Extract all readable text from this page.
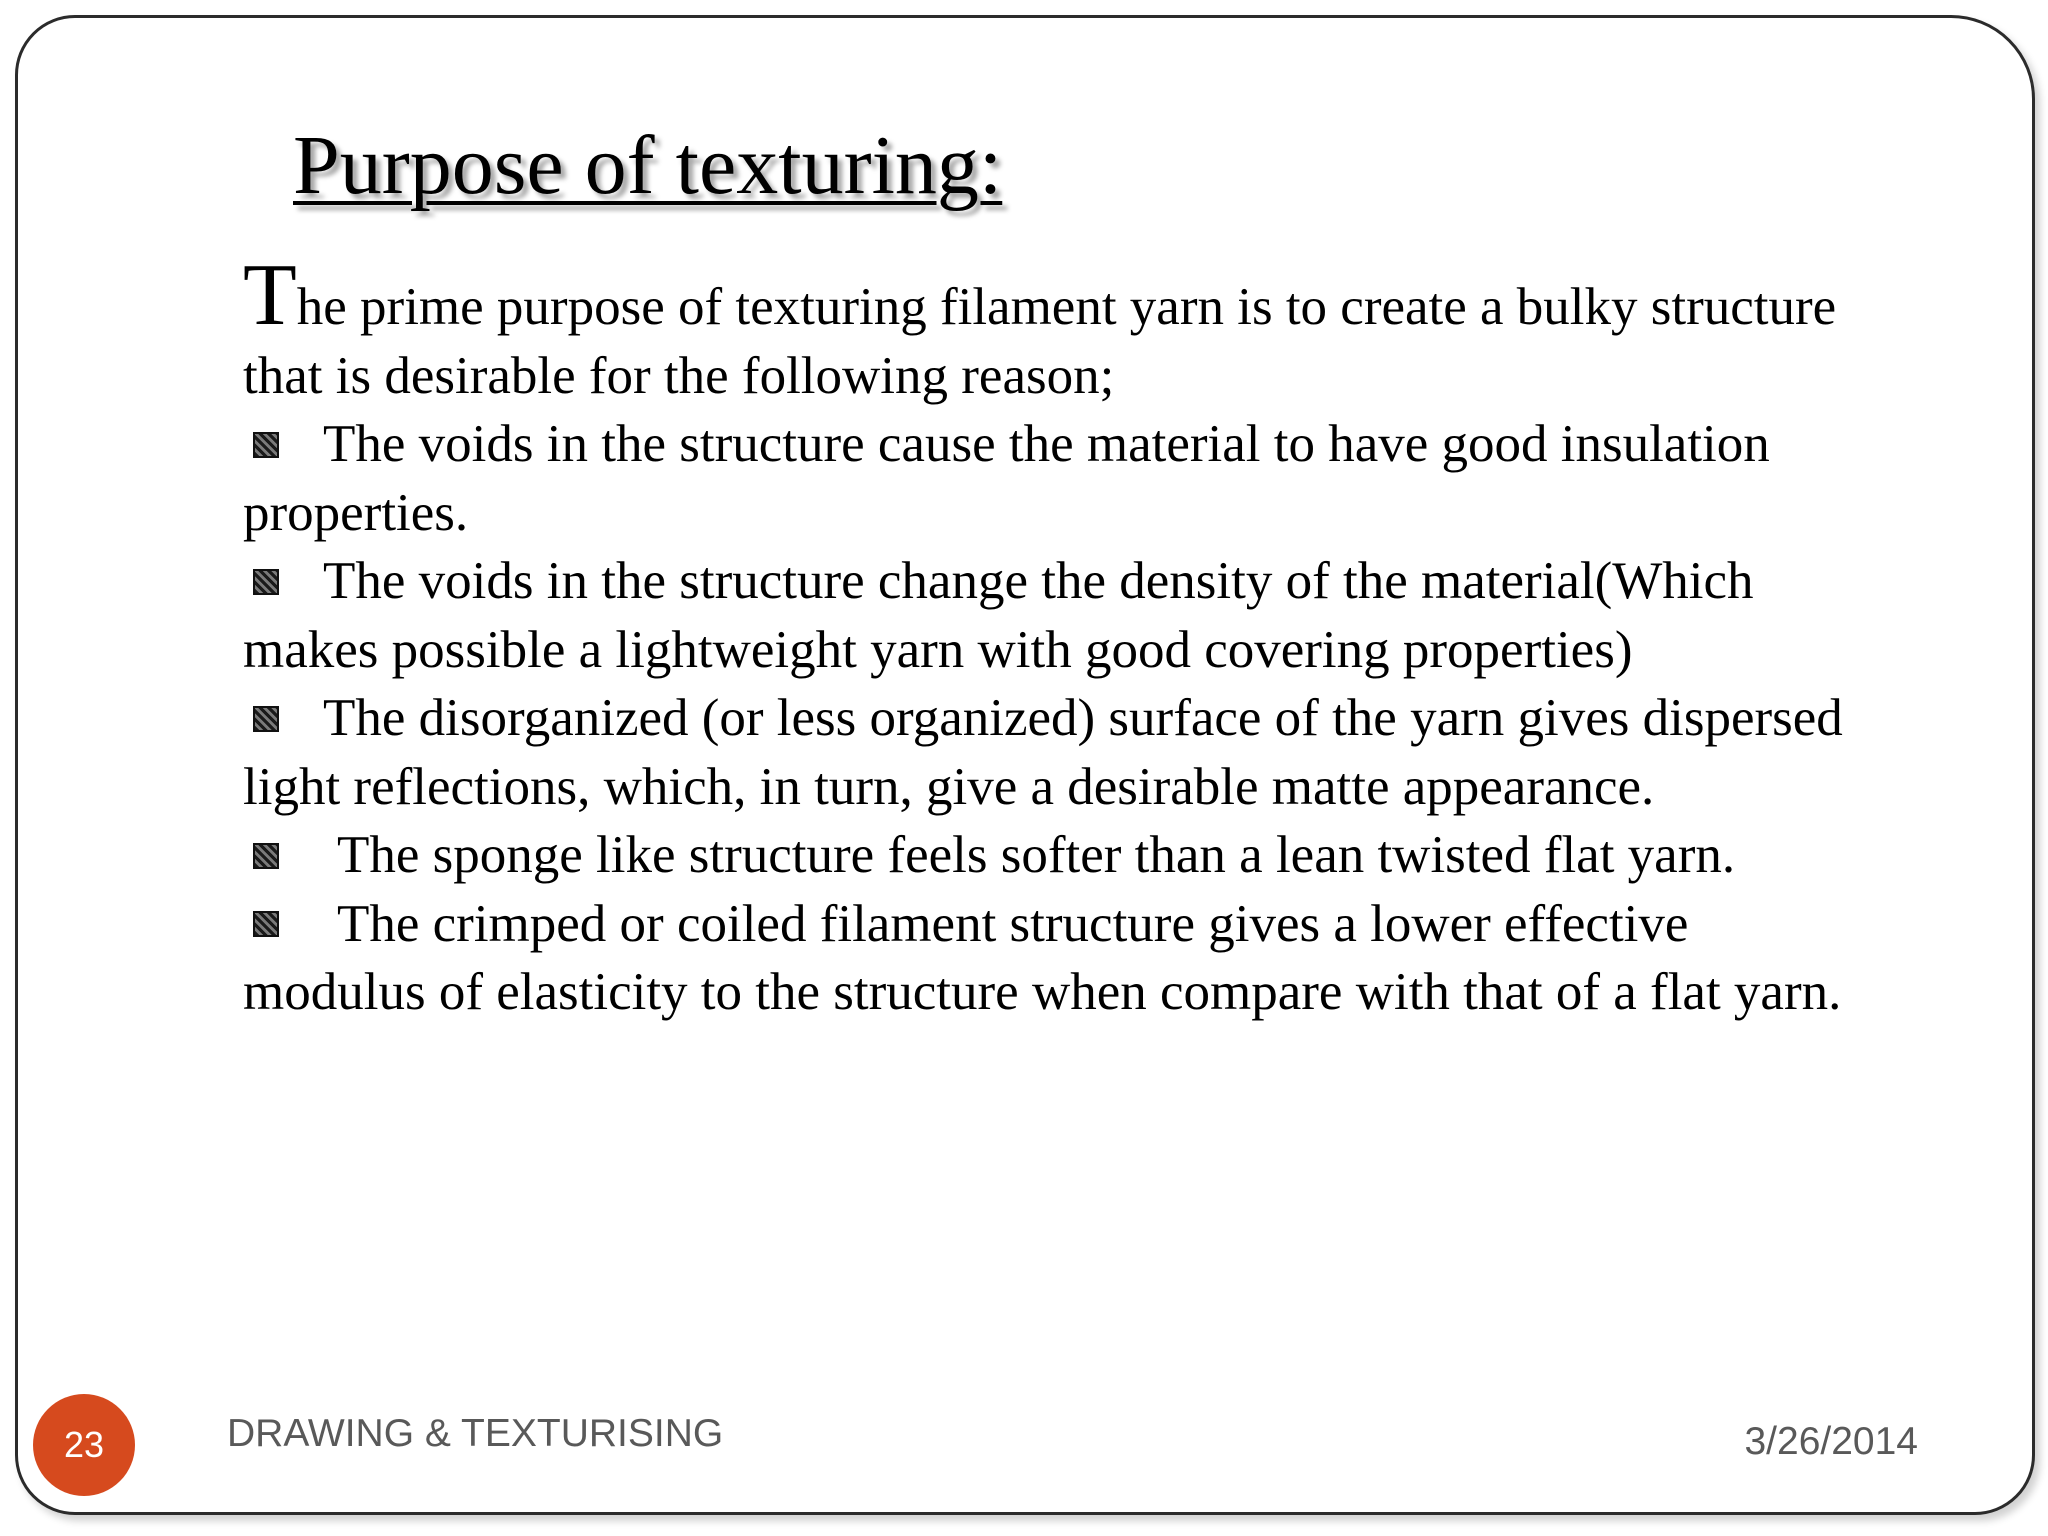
Purpose of texturing:

The prime purpose of texturing filament yarn is to create a bulky structure that is desirable for the following reason;

The voids in the structure cause the material to have good insulation properties.

The voids in the structure change the density of the material(Which makes possible a lightweight yarn with good covering properties)

The disorganized (or less organized) surface of the yarn gives dispersed light reflections, which, in turn, give a desirable matte appearance.

The sponge like structure feels softer than a lean twisted flat yarn.

The crimped or coiled filament structure gives a lower effective modulus of elasticity to the structure when compare with that of a flat yarn.

23	DRAWING & TEXTURISING	3/26/2014
